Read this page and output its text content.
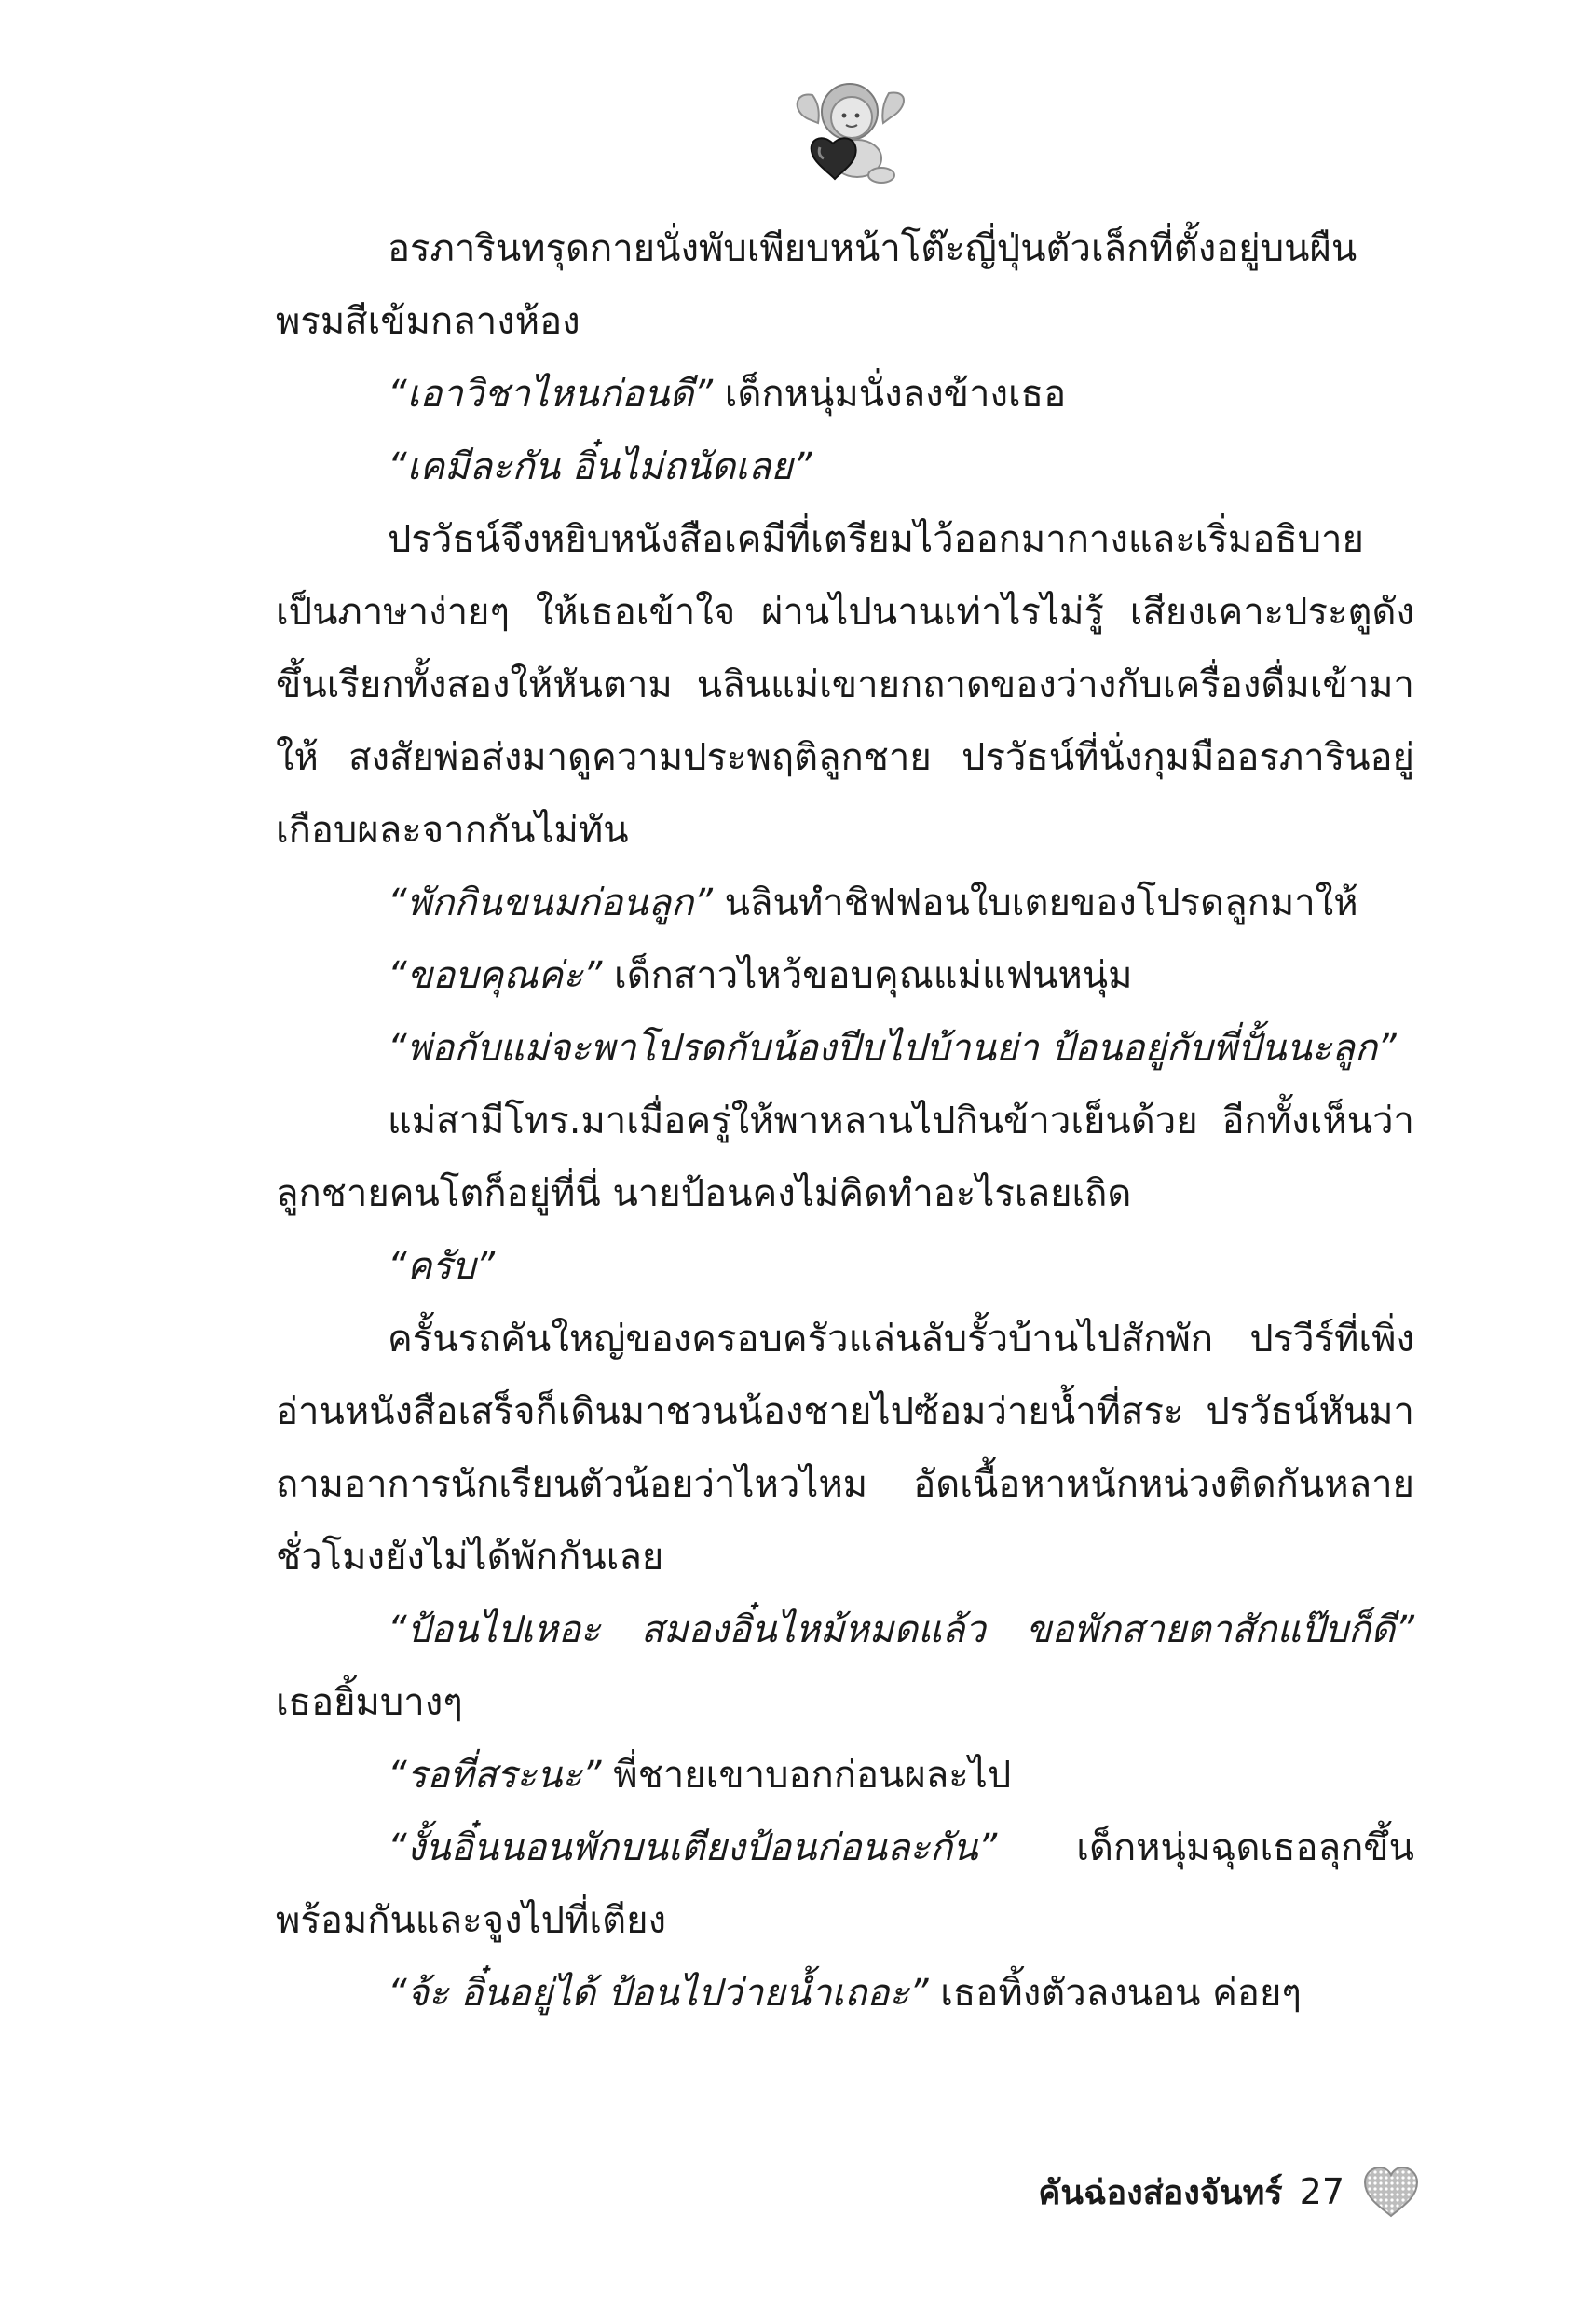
อรภารินทรุดกายนั่งพับเพียบหน้าโต๊ะญี่ปุ่นตัวเล็กที่ตั้งอยู่บนผืนพรมสีเข้มกลางห้อง

“เอาวิชาไหนก่อนดี” เด็กหนุ่มนั่งลงข้างเธอ

“เคมีละกัน อิ๋นไม่ถนัดเลย”

ปรวัธน์จึงหยิบหนังสือเคมีที่เตรียมไว้ออกมากางและเริ่มอธิบายเป็นภาษาง่ายๆ ให้เธอเข้าใจ ผ่านไปนานเท่าไรไม่รู้ เสียงเคาะประตูดังขึ้นเรียกทั้งสองให้หันตาม นลินแม่เขายกถาดของว่างกับเครื่องดื่มเข้ามาให้ สงสัยพ่อส่งมาดูความประพฤติลูกชาย ปรวัธน์ที่นั่งกุมมืออรภารินอยู่เกือบผละจากกันไม่ทัน

“พักกินขนมก่อนลูก” นลินทำชิฟฟอนใบเตยของโปรดลูกมาให้

“ขอบคุณค่ะ” เด็กสาวไหว้ขอบคุณแม่แฟนหนุ่ม

“พ่อกับแม่จะพาโปรดกับน้องปีบไปบ้านย่า ป้อนอยู่กับพี่ปั้นนะลูก”

แม่สามีโทร.มาเมื่อครู่ให้พาหลานไปกินข้าวเย็นด้วย อีกทั้งเห็นว่าลูกชายคนโตก็อยู่ที่นี่ นายป้อนคงไม่คิดทำอะไรเลยเถิด

“ครับ”

ครั้นรถคันใหญ่ของครอบครัวแล่นลับรั้วบ้านไปสักพัก ปรวีร์ที่เพิ่งอ่านหนังสือเสร็จก็เดินมาชวนน้องชายไปซ้อมว่ายน้ำที่สระ ปรวัธน์หันมาถามอาการนักเรียนตัวน้อยว่าไหวไหม อัดเนื้อหาหนักหน่วงติดกันหลายชั่วโมงยังไม่ได้พักกันเลย

“ป้อนไปเหอะ สมองอิ๋นไหม้หมดแล้ว ขอพักสายตาสักแป๊บก็ดี” เธอยิ้มบางๆ

“รอที่สระนะ” พี่ชายเขาบอกก่อนผละไป

“งั้นอิ๋นนอนพักบนเตียงป้อนก่อนละกัน” เด็กหนุ่มฉุดเธอลุกขึ้นพร้อมกันและจูงไปที่เตียง

“จ้ะ อิ๋นอยู่ได้ ป้อนไปว่ายน้ำเถอะ” เธอทิ้งตัวลงนอน ค่อยๆ

คันฉ่องส่องจันทร์ 27
